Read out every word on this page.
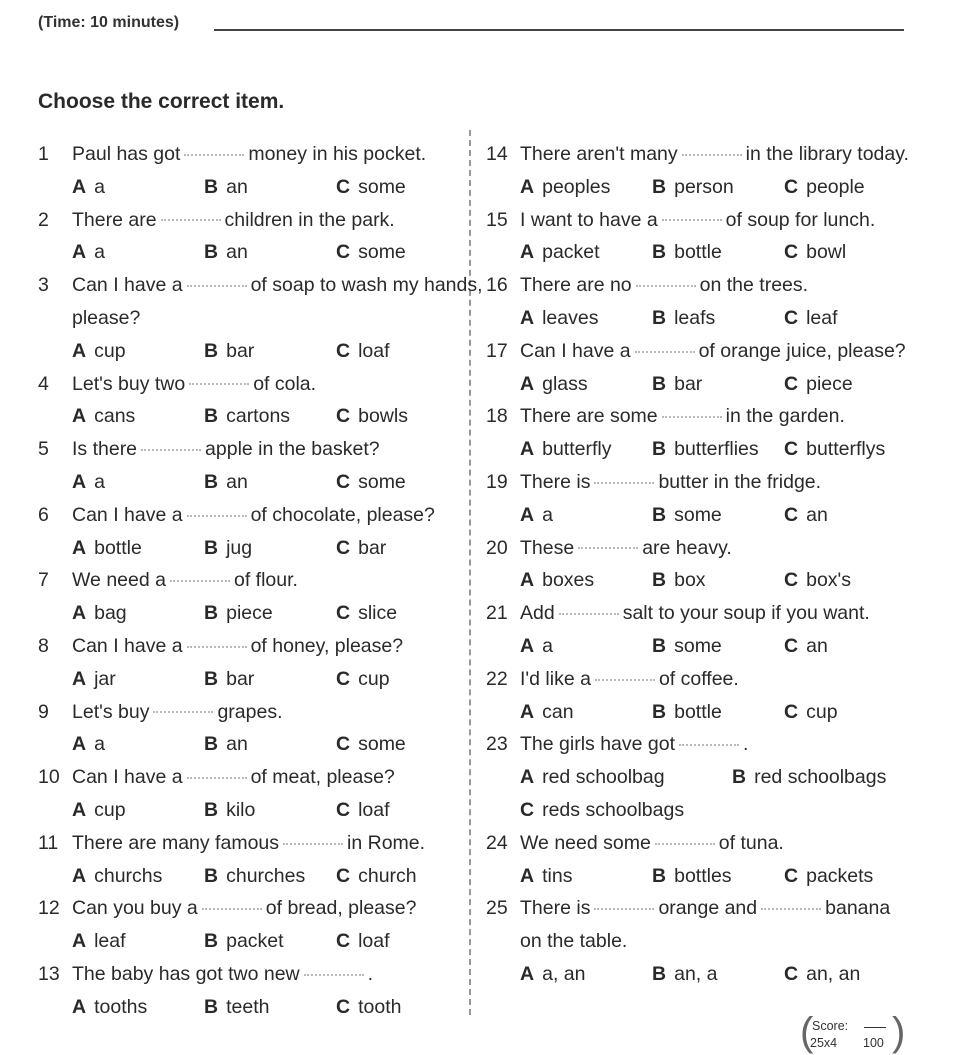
(Time: 10 minutes)
Choose the correct item.
1 Paul has got	money in his pocket.
A a	B an	C some
2 There are	children in the park.
A a	B an	C some
3 Can I have a	of soap to wash my hands,
please?
A cup	B bar	C loaf
4 Let's buy two	of cola.
A cans	B cartons	C bowls
5 Is there	apple in the basket?
A a	B an	C some
6 Can I have a	of chocolate, please?
A bottle	B jug	C bar
7 We need a	of flour.
A bag	B piece	C slice
8 Can I have a	of honey, please?
A jar	B bar	C cup
9 Let's buy	grapes.
A a	B an	C some
10 Can I have a	of meat, please?
A cup	B kilo	C loaf
11 There are many famous	in Rome.
A churchs	B churches	C church
12 Can you buy a	of bread, please?
A leaf	B packet	C loaf
13 The baby has got two new	.
A tooths	B teeth	C tooth
14 There aren't many	in the library today.
A peoples	B person	C people
15 I want to have a	of soup for lunch.
A packet	B bottle	C bowl
16 There are no	on the trees.
A leaves	B leafs	C leaf
17 Can I have a	of orange juice, please?
A glass	B bar	C piece
18 There are some	in the garden.
A butterfly	B butterflies	C butterflys
19 There is	butter in the fridge.
A a	B some	C an
20 These	are heavy.
A boxes	B box	C box's
21 Add	salt to your soup if you want.
A a	B some	C an
22 I'd like a	of coffee.
A can	B bottle	C cup
23 The girls have got	.
A red schoolbag	B red schoolbags
C reds schoolbags
24 We need some	of tuna.
A tins	B bottles	C packets
25 There is	orange and	banana
on the table.
A a, an	B an, a	C an, an
(
Score:
25x4 100 )
